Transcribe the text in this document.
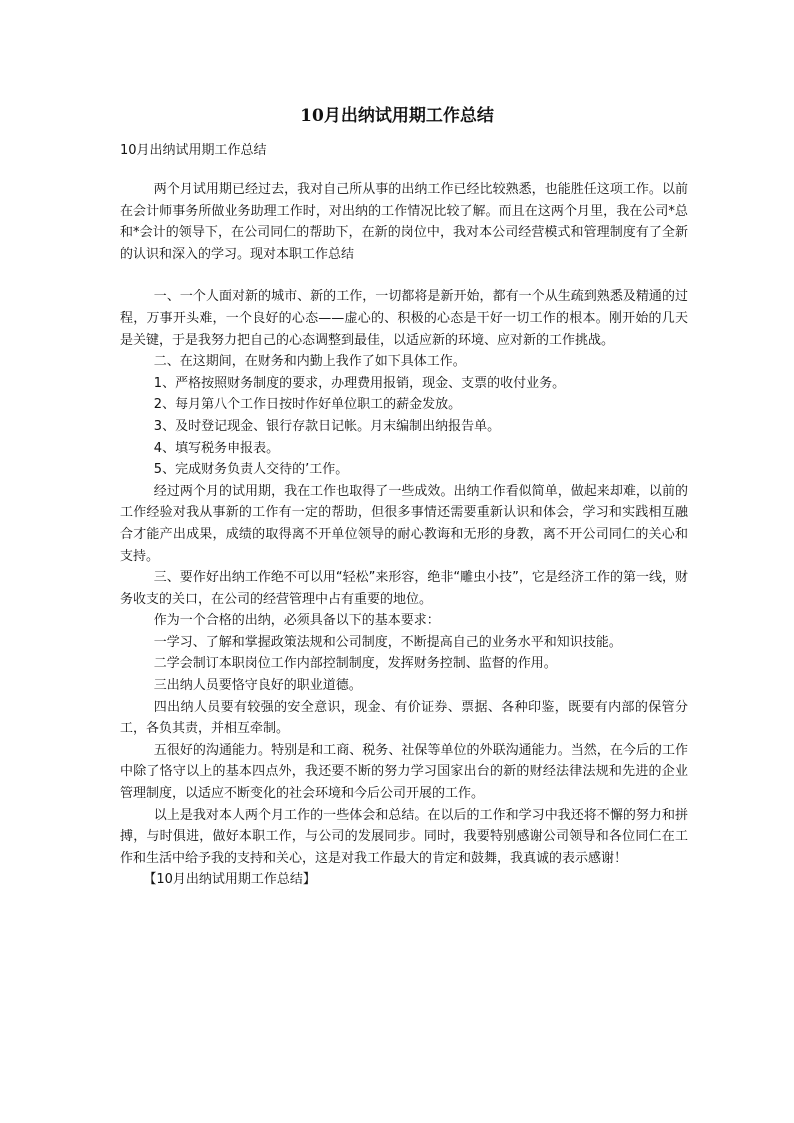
10月出纳试用期工作总结
10月出纳试用期工作总结

两个月试用期已经过去，我对自己所从事的出纳工作已经比较熟悉，也能胜任这项工作。以前在会计师事务所做业务助理工作时，对出纳的工作情况比较了解。而且在这两个月里，我在公司*总和*会计的领导下，在公司同仁的帮助下，在新的岗位中，我对本公司经营模式和管理制度有了全新的认识和深入的学习。现对本职工作总结

一、一个人面对新的城市、新的工作，一切都将是新开始，都有一个从生疏到熟悉及精通的过程，万事开头难，一个良好的心态——虚心的、积极的心态是干好一切工作的根本。刚开始的几天是关键，于是我努力把自己的心态调整到最佳，以适应新的环境、应对新的工作挑战。

二、在这期间，在财务和内勤上我作了如下具体工作。

1、严格按照财务制度的要求，办理费用报销，现金、支票的收付业务。

2、每月第八个工作日按时作好单位职工的薪金发放。

3、及时登记现金、银行存款日记帐。月末编制出纳报告单。

4、填写税务申报表。

5、完成财务负责人交待的’工作。

经过两个月的试用期，我在工作也取得了一些成效。出纳工作看似简单，做起来却难，以前的工作经验对我从事新的工作有一定的帮助，但很多事情还需要重新认识和体会，学习和实践相互融合才能产出成果，成绩的取得离不开单位领导的耐心教诲和无形的身教，离不开公司同仁的关心和支持。

三、要作好出纳工作绝不可以用“轻松”来形容，绝非“雕虫小技”，它是经济工作的第一线，财务收支的关口，在公司的经营管理中占有重要的地位。

作为一个合格的出纳，必须具备以下的基本要求：

一学习、了解和掌握政策法规和公司制度，不断提高自己的业务水平和知识技能。

二学会制订本职岗位工作内部控制制度，发挥财务控制、监督的作用。

三出纳人员要恪守良好的职业道德。

四出纳人员要有较强的安全意识，现金、有价证券、票据、各种印鉴，既要有内部的保管分工，各负其责，并相互牵制。

五很好的沟通能力。特别是和工商、税务、社保等单位的外联沟通能力。当然，在今后的工作中除了恪守以上的基本四点外，我还要不断的努力学习国家出台的新的财经法律法规和先进的企业管理制度，以适应不断变化的社会环境和今后公司开展的工作。

以上是我对本人两个月工作的一些体会和总结。在以后的工作和学习中我还将不懈的努力和拼搏，与时俱进，做好本职工作，与公司的发展同步。同时，我要特别感谢公司领导和各位同仁在工作和生活中给予我的支持和关心，这是对我工作最大的肯定和鼓舞，我真诚的表示感谢！

【10月出纳试用期工作总结】
